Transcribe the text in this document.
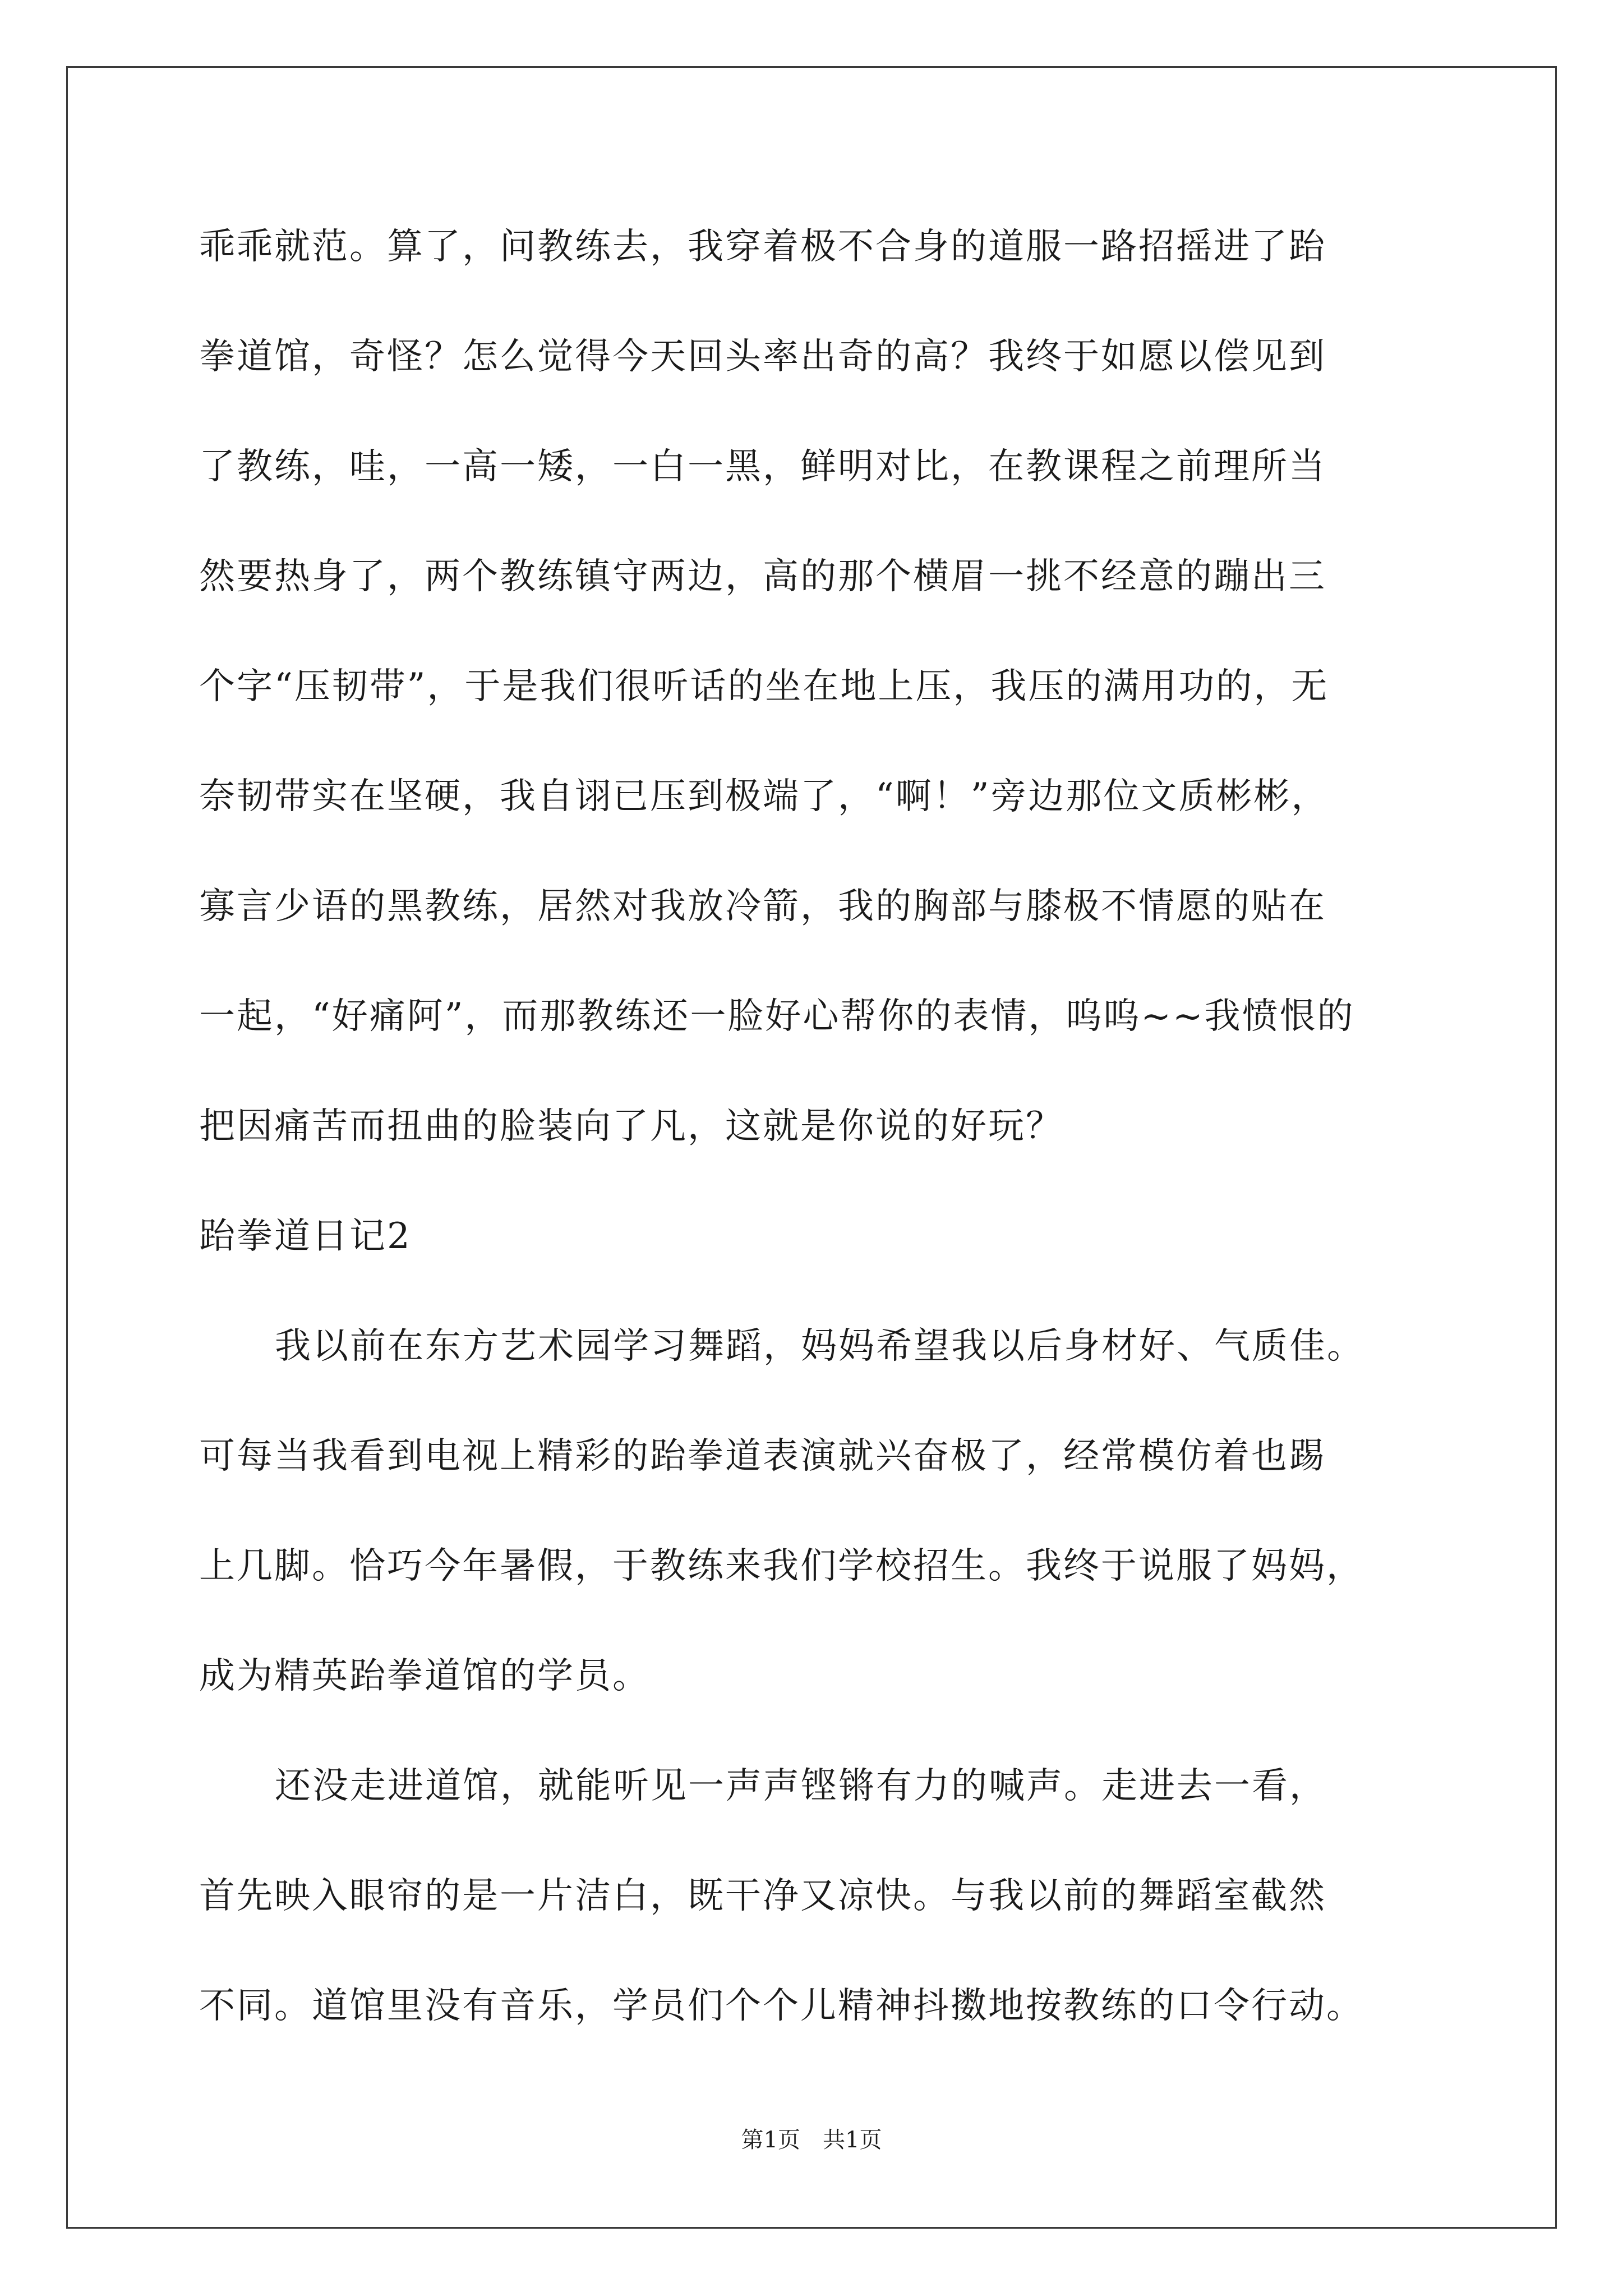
乖乖就范。算了，问教练去，我穿着极不合身的道服一路招摇进了跆
拳道馆，奇怪？怎么觉得今天回头率出奇的高？我终于如愿以偿见到
了教练，哇，一高一矮，一白一黑，鲜明对比，在教课程之前理所当
然要热身了，两个教练镇守两边，高的那个横眉一挑不经意的蹦出三
个字“压韧带”，于是我们很听话的坐在地上压，我压的满用功的，无
奈韧带实在坚硬，我自诩已压到极端了，“啊！”旁边那位文质彬彬，
寡言少语的黑教练，居然对我放冷箭，我的胸部与膝极不情愿的贴在
一起，“好痛阿”，而那教练还一脸好心帮你的表情，呜呜~~我愤恨的
把因痛苦而扭曲的脸装向了凡，这就是你说的好玩？
跆拳道日记2
我以前在东方艺术园学习舞蹈，妈妈希望我以后身材好、气质佳。
可每当我看到电视上精彩的跆拳道表演就兴奋极了，经常模仿着也踢
上几脚。恰巧今年暑假，于教练来我们学校招生。我终于说服了妈妈，
成为精英跆拳道馆的学员。
还没走进道馆，就能听见一声声铿锵有力的喊声。走进去一看，
首先映入眼帘的是一片洁白，既干净又凉快。与我以前的舞蹈室截然
第1页　共1页
不同。道馆里没有音乐，学员们个个儿精神抖擞地按教练的口令行动。
